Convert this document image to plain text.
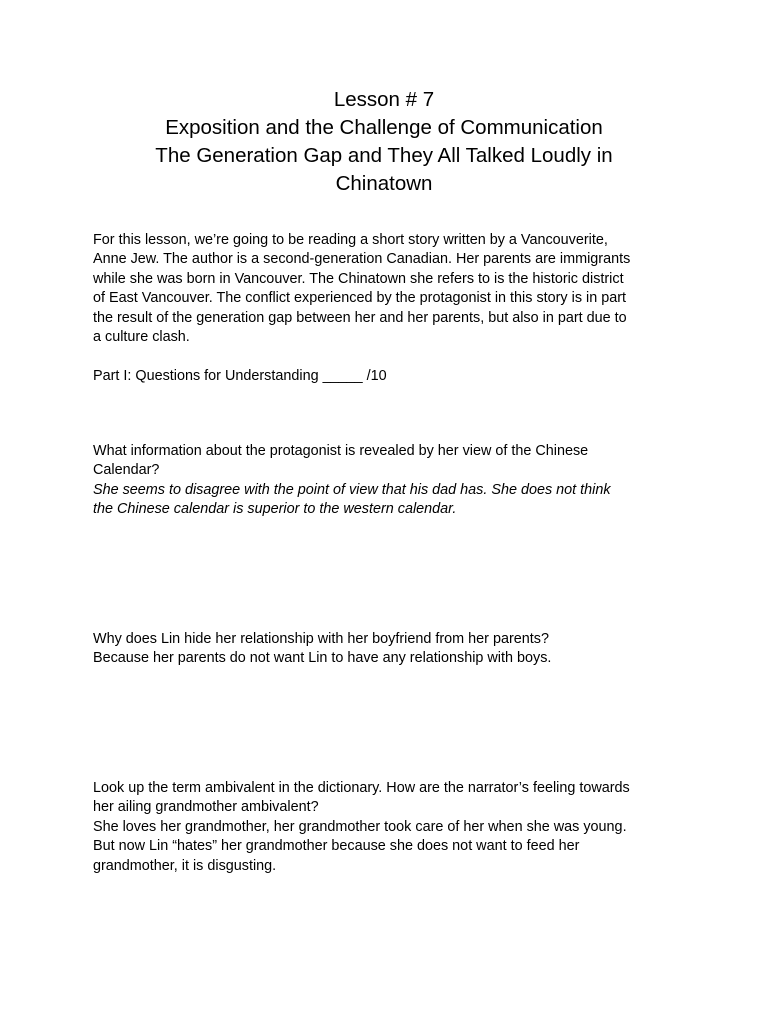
Lesson # 7
Exposition and the Challenge of Communication
The Generation Gap and They All Talked Loudly in
Chinatown
For this lesson, we’re going to be reading a short story written by a Vancouverite,
Anne Jew. The author is a second-generation Canadian. Her parents are immigrants
while she was born in Vancouver. The Chinatown she refers to is the historic district
of East Vancouver. The conflict experienced by the protagonist in this story is in part
the result of the generation gap between her and her parents, but also in part due to
a culture clash.
Part I: Questions for Understanding _____ /10
What information about the protagonist is revealed by her view of the Chinese
Calendar?
She seems to disagree with the point of view that his dad has. She does not think
the Chinese calendar is superior to the western calendar.
Why does Lin hide her relationship with her boyfriend from her parents?
Because her parents do not want Lin to have any relationship with boys.
Look up the term ambivalent in the dictionary. How are the narrator’s feeling towards
her ailing grandmother ambivalent?
She loves her grandmother, her grandmother took care of her when she was young.
But now Lin “hates” her grandmother because she does not want to feed her
grandmother, it is disgusting.
